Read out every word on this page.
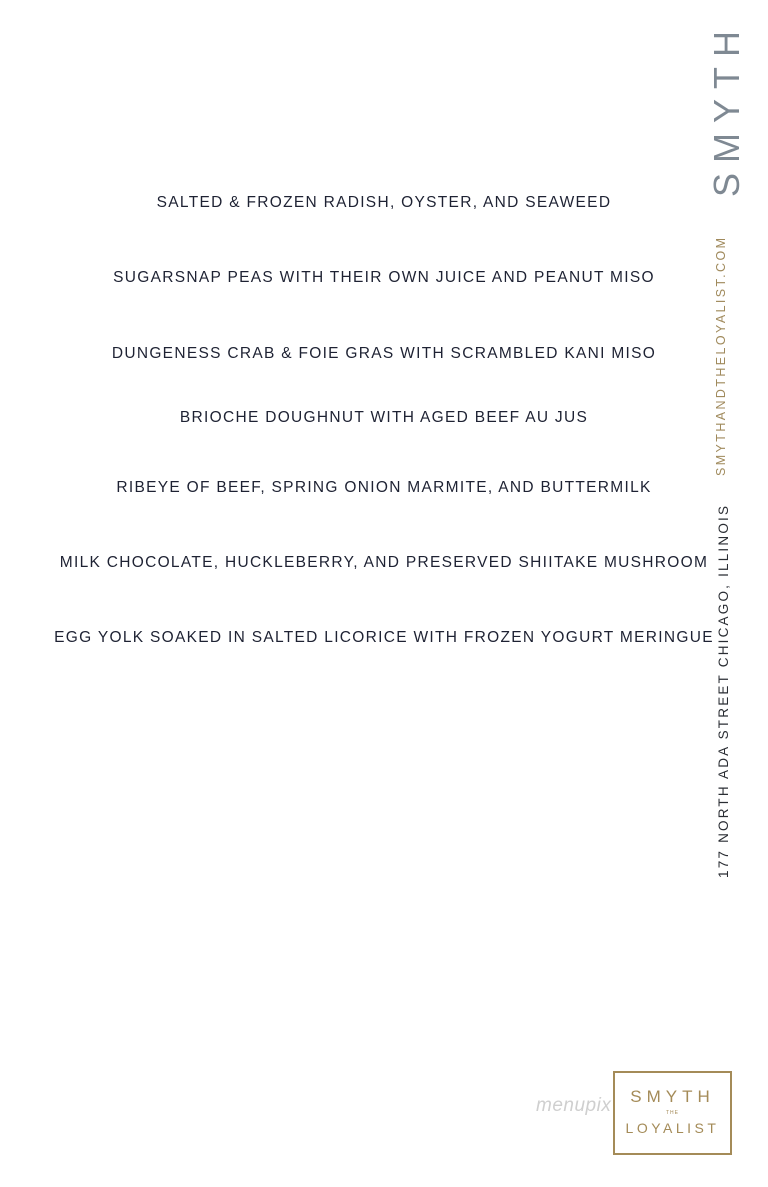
SALTED & FROZEN RADISH, OYSTER, AND SEAWEED
SUGARSNAP PEAS WITH THEIR OWN JUICE AND PEANUT MISO
DUNGENESS CRAB & FOIE GRAS WITH SCRAMBLED KANI MISO
BRIOCHE DOUGHNUT WITH AGED BEEF AU JUS
RIBEYE OF BEEF, SPRING ONION MARMITE, AND BUTTERMILK
MILK CHOCOLATE, HUCKLEBERRY, AND PRESERVED SHIITAKE MUSHROOM
EGG YOLK SOAKED IN SALTED LICORICE WITH FROZEN YOGURT MERINGUE
SMYTH
SMYTHANDTHELOYALIST.COM
177 NORTH ADA STREET CHICAGO, ILLINOIS
menupix	SMYTH
THE
LOYALIST
